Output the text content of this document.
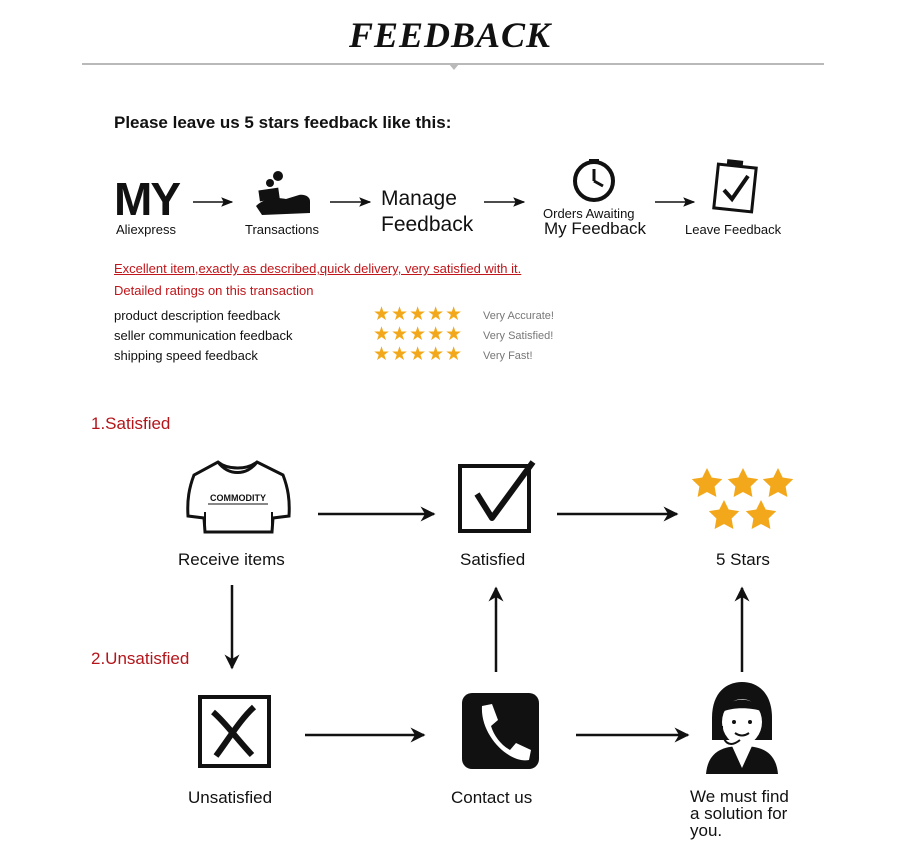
FEEDBACK
Please leave us 5 stars feedback like this:
MY
Aliexpress	Transactions
Manage
Feedback	Orders Awaiting
My Feedback	Leave Feedback
Excellent item,exactly as described,quick delivery, very satisfied with it.
Detailed ratings on this transaction
product description feedback	★★★★★ Very Accurate!
seller communication feedback	★★★★★ Very Satisfied!
shipping speed feedback	★★★★★ Very Fast!
1.Satisfied
2.Unsatisfied
Receive items	Satisfied	5 Stars
Unsatisfied	Contact us	We must find
a solution for
you.
COMMODITY
